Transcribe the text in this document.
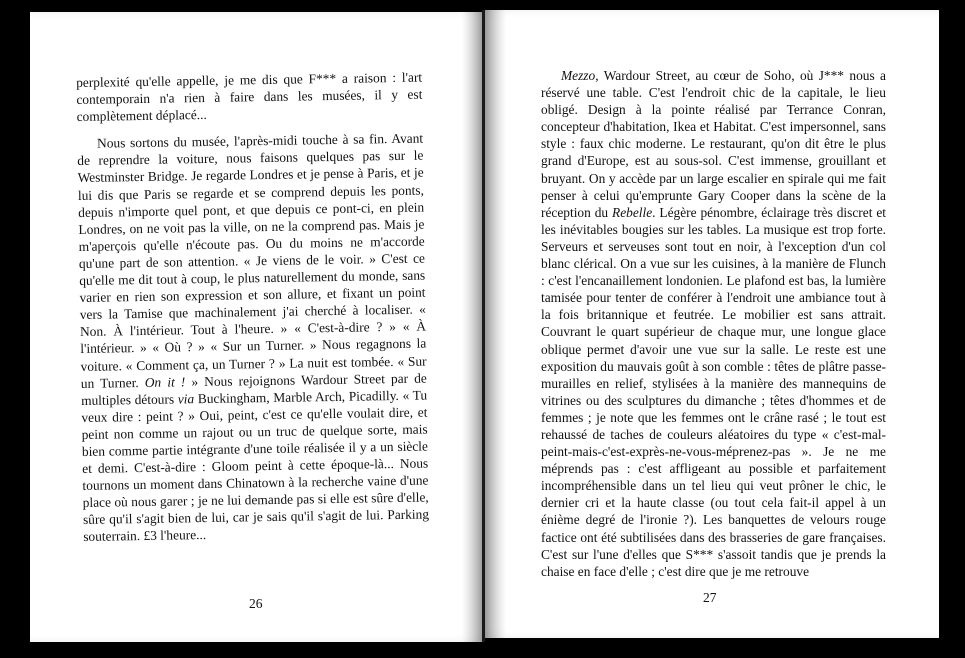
perplexité qu'elle appelle, je me dis que F*** a raison : l'art contemporain n'a rien à faire dans les musées, il y est complètement déplacé...

Nous sortons du musée, l'après-midi touche à sa fin. Avant de reprendre la voiture, nous faisons quelques pas sur le Westminster Bridge. Je regarde Londres et je pense à Paris, et je lui dis que Paris se regarde et se comprend depuis les ponts, depuis n'importe quel pont, et que depuis ce pont-ci, en plein Londres, on ne voit pas la ville, on ne la comprend pas. Mais je m'aperçois qu'elle n'écoute pas. Ou du moins ne m'accorde qu'une part de son attention. « Je viens de le voir. » C'est ce qu'elle me dit tout à coup, le plus naturellement du monde, sans varier en rien son expression et son allure, et fixant un point vers la Tamise que machinalement j'ai cherché à localiser. « Non. À l'intérieur. Tout à l'heure. » « C'est-à-dire ? » « À l'intérieur. » « Où ? » « Sur un Turner. » Nous regagnons la voiture. « Comment ça, un Turner ? » La nuit est tombée. « Sur un Turner. On it ! » Nous rejoignons Wardour Street par de multiples détours via Buckingham, Marble Arch, Picadilly. « Tu veux dire : peint ? » Oui, peint, c'est ce qu'elle voulait dire, et peint non comme un rajout ou un truc de quelque sorte, mais bien comme partie intégrante d'une toile réalisée il y a un siècle et demi. C'est-à-dire : Gloom peint à cette époque-là... Nous tournons un moment dans Chinatown à la recherche vaine d'une place où nous garer ; je ne lui demande pas si elle est sûre d'elle, sûre qu'il s'agit bien de lui, car je sais qu'il s'agit de lui. Parking souterrain. £3 l'heure...

26

Mezzo, Wardour Street, au cœur de Soho, où J*** nous a réservé une table. C'est l'endroit chic de la capitale, le lieu obligé. Design à la pointe réalisé par Terrance Conran, concepteur d'habitation, Ikea et Habitat. C'est impersonnel, sans style : faux chic moderne. Le restaurant, qu'on dit être le plus grand d'Europe, est au sous-sol. C'est immense, grouillant et bruyant. On y accède par un large escalier en spirale qui me fait penser à celui qu'emprunte Gary Cooper dans la scène de la réception du Rebelle. Légère pénombre, éclairage très discret et les inévitables bougies sur les tables. La musique est trop forte. Serveurs et serveuses sont tout en noir, à l'exception d'un col blanc clérical. On a vue sur les cuisines, à la manière de Flunch : c'est l'encanaillement londonien. Le plafond est bas, la lumière tamisée pour tenter de conférer à l'endroit une ambiance tout à la fois britannique et feutrée. Le mobilier est sans attrait. Couvrant le quart supérieur de chaque mur, une longue glace oblique permet d'avoir une vue sur la salle. Le reste est une exposition du mauvais goût à son comble : têtes de plâtre passe-murailles en relief, stylisées à la manière des mannequins de vitrines ou des sculptures du dimanche ; têtes d'hommes et de femmes ; je note que les femmes ont le crâne rasé ; le tout est rehaussé de taches de couleurs aléatoires du type « c'est-mal-peint-mais-c'est-exprès-ne-vous-méprenez-pas ». Je ne me méprends pas : c'est affligeant au possible et parfaitement incompréhensible dans un tel lieu qui veut prôner le chic, le dernier cri et la haute classe (ou tout cela fait-il appel à un énième degré de l'ironie ?). Les banquettes de velours rouge factice ont été subtilisées dans des brasseries de gare françaises. C'est sur l'une d'elles que S*** s'assoit tandis que je prends la chaise en face d'elle ; c'est dire que je me retrouve

27
